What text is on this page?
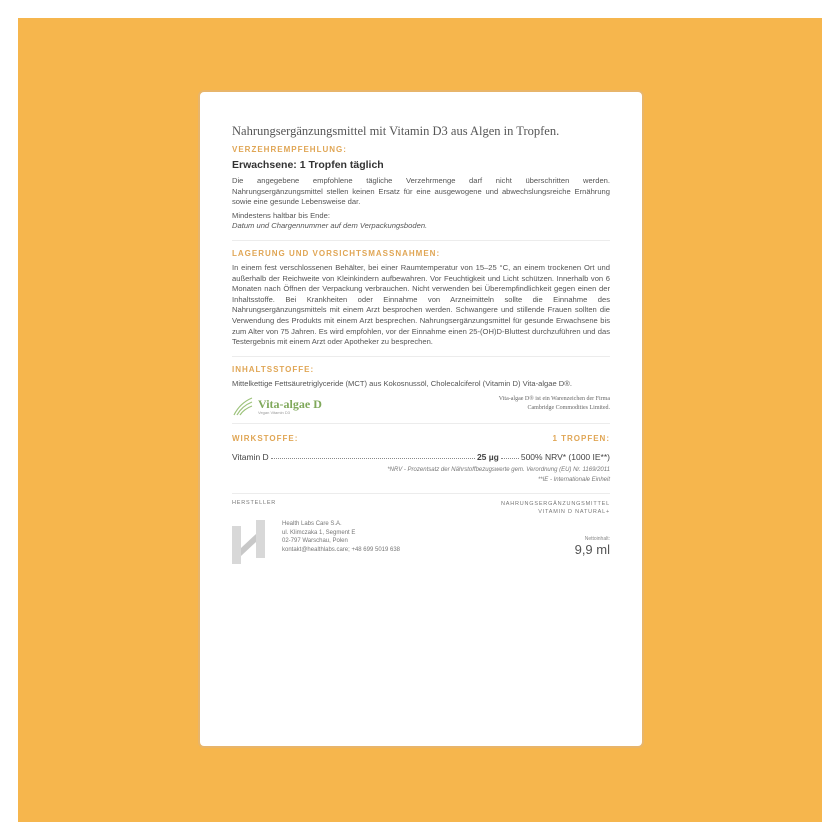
Nahrungsergänzungsmittel mit Vitamin D3 aus Algen in Tropfen.
VERZEHREMPFEHLUNG:
Erwachsene: 1 Tropfen täglich
Die angegebene empfohlene tägliche Verzehrmenge darf nicht überschritten werden. Nahrungsergänzungsmittel stellen keinen Ersatz für eine ausgewogene und abwechslungsreiche Ernährung sowie eine gesunde Lebensweise dar.
Mindestens haltbar bis Ende:
Datum und Chargennummer auf dem Verpackungsboden.
LAGERUNG UND VORSICHTSMASSNAHMEN:
In einem fest verschlossenen Behälter, bei einer Raumtemperatur von 15–25 °C, an einem trockenen Ort und außerhalb der Reichweite von Kleinkindern aufbewahren. Vor Feuchtigkeit und Licht schützen. Innerhalb von 6 Monaten nach Öffnen der Verpackung verbrauchen. Nicht verwenden bei Überempfindlichkeit gegen einen der Inhaltsstoffe. Bei Krankheiten oder Einnahme von Arzneimitteln sollte die Einnahme des Nahrungsergänzungsmittels mit einem Arzt besprochen werden. Schwangere und stillende Frauen sollten die Verwendung des Produkts mit einem Arzt besprechen. Nahrungsergänzungsmittel für gesunde Erwachsene bis zum Alter von 75 Jahren. Es wird empfohlen, vor der Einnahme einen 25-(OH)D-Bluttest durchzuführen und das Testergebnis mit einem Arzt oder Apotheker zu besprechen.
INHALTSSTOFFE:
Mittelkettige Fettsäuretriglyceride (MCT) aus Kokosnussöl, Cholecalciferol (Vitamin D) Vita-algae D®.
Vita-algae D
Vegan Vitamin D3
Vita-algae D® ist ein Warenzeichen der Firma
Cambridge Commodities Limited.
WIRKSTOFFE:	1 TROPFEN:
Vitamin D	25 µg	500% NRV* (1000 IE**)
*NRV - Prozentsatz der Nährstoffbezugswerte gem. Verordnung (EU) Nr. 1169/2011
**IE - Internationale Einheit
HERSTELLER	NAHRUNGSERGÄNZUNGSMITTEL
VITAMIN D NATURAL+
Health Labs Care S.A.
ul. Klimczaka 1, Segment E
02-797 Warschau, Polen
kontakt@healthlabs.care; +48 699 5019 638
Nettoinhalt:
9,9 ml
